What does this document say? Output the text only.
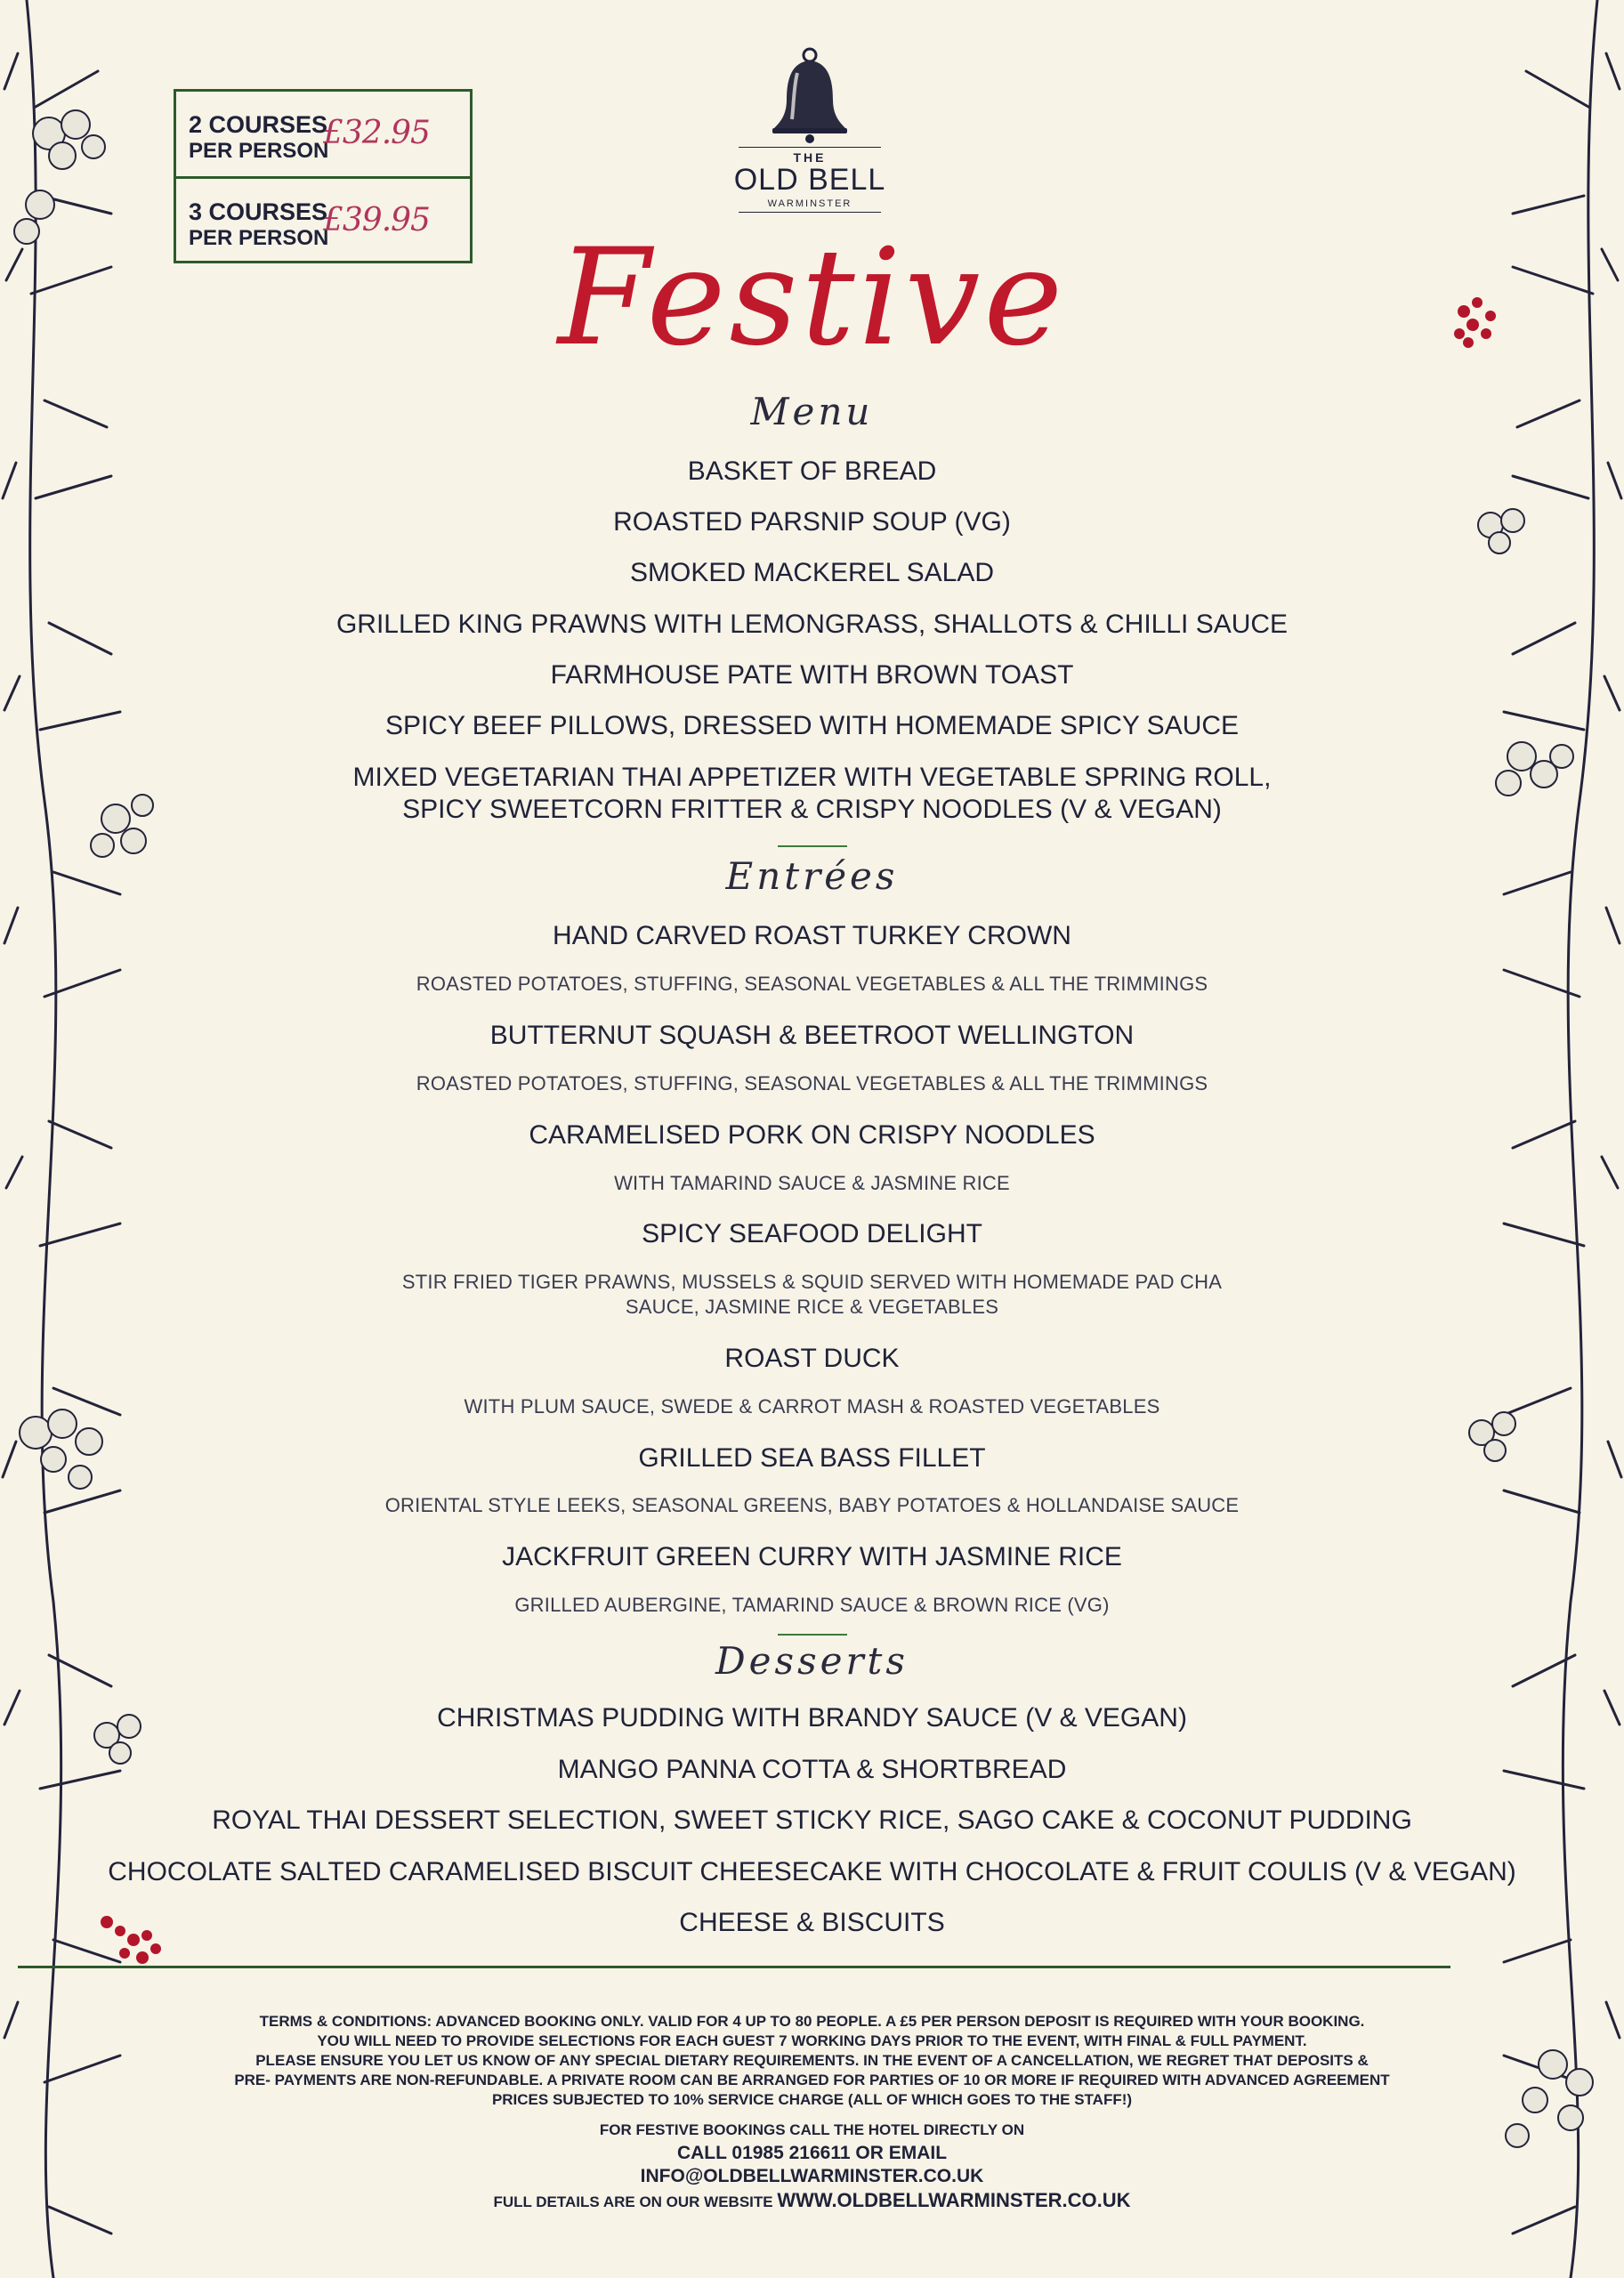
2 COURSES
PER PERSON
£32.95
3 COURSES
PER PERSON
£39.95
THE
OLD BELL
WARMINSTER
Festive
Menu
BASKET OF BREAD
ROASTED PARSNIP SOUP (VG)
SMOKED MACKEREL SALAD
GRILLED KING PRAWNS WITH LEMONGRASS, SHALLOTS & CHILLI SAUCE
FARMHOUSE PATE WITH BROWN TOAST
SPICY BEEF PILLOWS, DRESSED WITH HOMEMADE SPICY SAUCE
MIXED VEGETARIAN THAI APPETIZER WITH VEGETABLE SPRING ROLL,
SPICY SWEETCORN FRITTER & CRISPY NOODLES (V & VEGAN)
Entrées
HAND CARVED ROAST TURKEY CROWN
ROASTED POTATOES, STUFFING, SEASONAL VEGETABLES & ALL THE TRIMMINGS
BUTTERNUT SQUASH & BEETROOT WELLINGTON
ROASTED POTATOES, STUFFING, SEASONAL VEGETABLES & ALL THE TRIMMINGS
CARAMELISED PORK ON CRISPY NOODLES
WITH TAMARIND SAUCE & JASMINE RICE
SPICY SEAFOOD DELIGHT
STIR FRIED TIGER PRAWNS, MUSSELS & SQUID SERVED WITH HOMEMADE PAD CHA
SAUCE, JASMINE RICE & VEGETABLES
ROAST DUCK
WITH PLUM SAUCE, SWEDE & CARROT MASH & ROASTED VEGETABLES
GRILLED SEA BASS FILLET
ORIENTAL STYLE LEEKS, SEASONAL GREENS, BABY POTATOES & HOLLANDAISE SAUCE
JACKFRUIT GREEN CURRY WITH JASMINE RICE
GRILLED AUBERGINE, TAMARIND SAUCE & BROWN RICE (VG)
Desserts
CHRISTMAS PUDDING WITH BRANDY SAUCE (V & VEGAN)
MANGO PANNA COTTA & SHORTBREAD
ROYAL THAI DESSERT SELECTION, SWEET STICKY RICE, SAGO CAKE & COCONUT PUDDING
CHOCOLATE SALTED CARAMELISED BISCUIT CHEESECAKE WITH CHOCOLATE & FRUIT COULIS (V & VEGAN)
CHEESE & BISCUITS
TERMS & CONDITIONS: ADVANCED BOOKING ONLY. VALID FOR 4 UP TO 80 PEOPLE. A £5 PER PERSON DEPOSIT IS REQUIRED WITH YOUR BOOKING.
YOU WILL NEED TO PROVIDE SELECTIONS FOR EACH GUEST 7 WORKING DAYS PRIOR TO THE EVENT, WITH FINAL & FULL PAYMENT.
PLEASE ENSURE YOU LET US KNOW OF ANY SPECIAL DIETARY REQUIREMENTS. IN THE EVENT OF A CANCELLATION, WE REGRET THAT DEPOSITS &
PRE- PAYMENTS ARE NON-REFUNDABLE. A PRIVATE ROOM CAN BE ARRANGED FOR PARTIES OF 10 OR MORE IF REQUIRED WITH ADVANCED AGREEMENT
PRICES SUBJECTED TO 10% SERVICE CHARGE (ALL OF WHICH GOES TO THE STAFF!)
FOR FESTIVE BOOKINGS CALL THE HOTEL DIRECTLY ON
CALL 01985 216611 OR EMAIL
INFO@OLDBELLWARMINSTER.CO.UK
FULL DETAILS ARE ON OUR WEBSITE WWW.OLDBELLWARMINSTER.CO.UK
